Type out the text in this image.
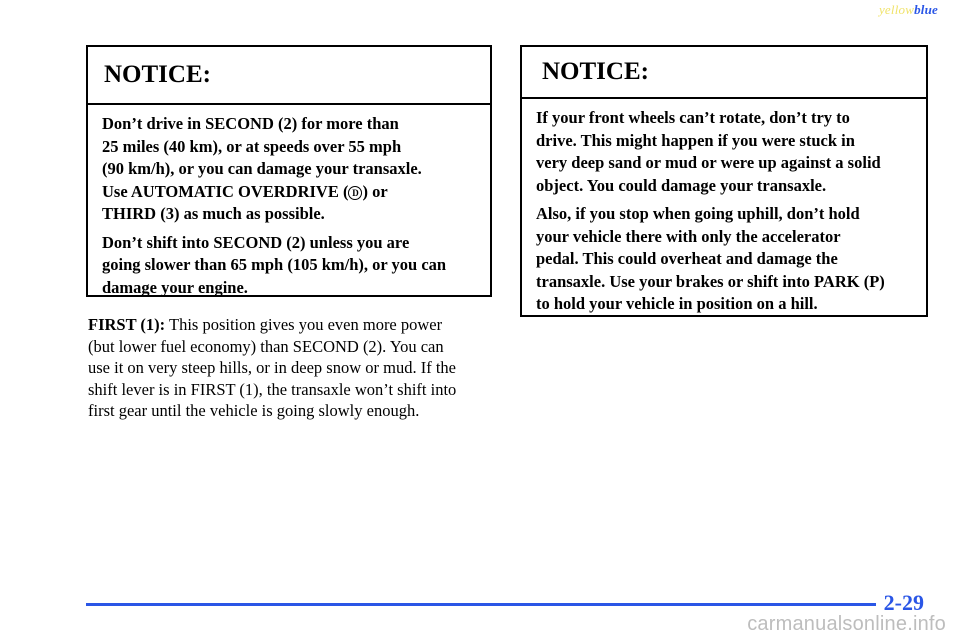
yellowblue
NOTICE:

Don’t drive in SECOND (2) for more than
25 miles (40 km), or at speeds over 55 mph
(90 km/h), or you can damage your transaxle.
Use AUTOMATIC OVERDRIVE ( D ) or
THIRD (3) as much as possible.

Don’t shift into SECOND (2) unless you are
going slower than 65 mph (105 km/h), or you can
damage your engine.

FIRST (1): This position gives you even more power
(but lower fuel economy) than SECOND (2). You can
use it on very steep hills, or in deep snow or mud. If the
shift lever is in FIRST (1), the transaxle won’t shift into
first gear until the vehicle is going slowly enough.
NOTICE:

If your front wheels can’t rotate, don’t try to
drive. This might happen if you were stuck in
very deep sand or mud or were up against a solid
object. You could damage your transaxle.

Also, if you stop when going uphill, don’t hold
your vehicle there with only the accelerator
pedal. This could overheat and damage the
transaxle. Use your brakes or shift into PARK (P)
to hold your vehicle in position on a hill.

2-29
carmanualsonline.info
